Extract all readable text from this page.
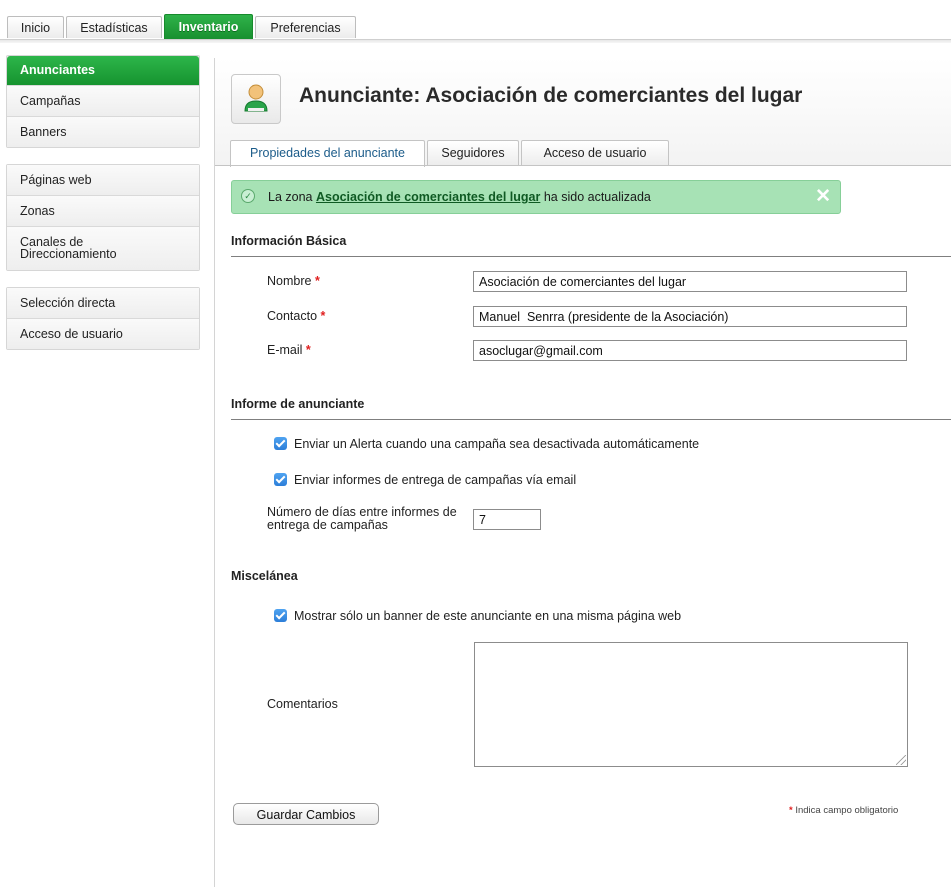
Inicio	Estadísticas	Inventario	Preferencias
Anunciantes
Campañas
Banners
Páginas web
Zonas
Canales de
Direccionamiento
Selección directa
Acceso de usuario
Anunciante: Asociación de comerciantes del lugar
Propiedades del anunciante	Seguidores	Acceso de usuario
✓ La zona Asociación de comerciantes del lugar ha sido actualizada	✕
Información Básica
Nombre *
Asociación de comerciantes del lugar
Contacto *
Manuel Senrra (presidente de la Asociación)
E-mail *
asoclugar@gmail.com
Informe de anunciante
Enviar un Alerta cuando una campaña sea desactivada automáticamente
Enviar informes de entrega de campañas vía email
Número de días entre informes de
entrega de campañas
7
Miscelánea
Mostrar sólo un banner de este anunciante en una misma página web
Comentarios
Guardar Cambios	* Indica campo obligatorio
